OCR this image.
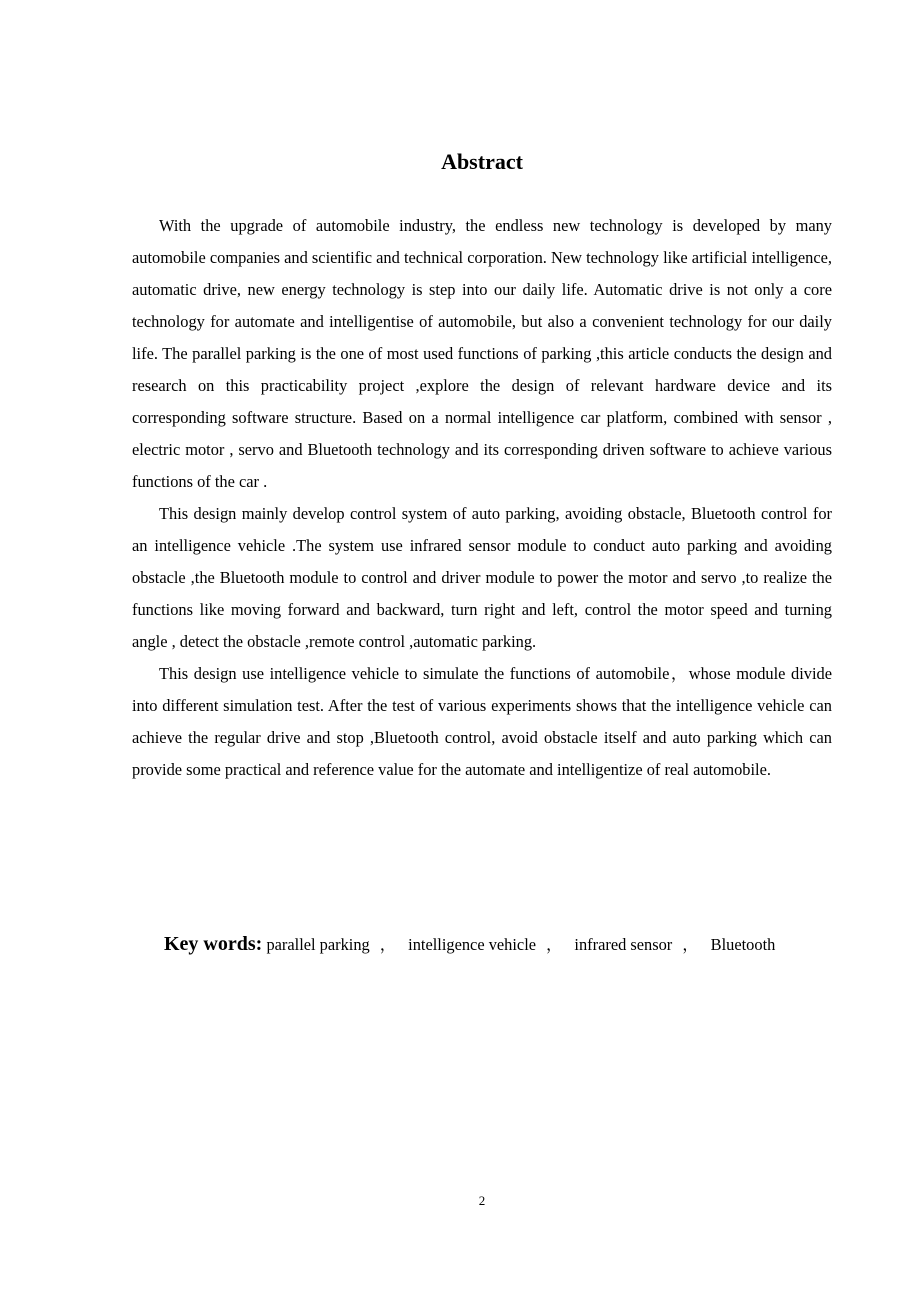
Abstract

With the upgrade of automobile industry, the endless new technology is developed by many automobile companies and scientific and technical corporation. New technology like artificial intelligence, automatic drive, new energy technology is step into our daily life. Automatic drive is not only a core technology for automate and intelligentise of automobile, but also a convenient technology for our daily life. The parallel parking is the one of most used functions of parking ,this article conducts the design and research on this practicability project ,explore the design of relevant hardware device and its corresponding software structure. Based on a normal intelligence car platform, combined with sensor , electric motor , servo and Bluetooth technology and its corresponding driven software to achieve various functions of the car .

This design mainly develop control system of auto parking, avoiding obstacle, Bluetooth control for an intelligence vehicle .The system use infrared sensor module to conduct auto parking and avoiding obstacle ,the Bluetooth module to control and driver module to power the motor and servo ,to realize the functions like moving forward and backward, turn right and left, control the motor speed and turning angle , detect the obstacle ,remote control ,automatic parking.

This design use intelligence vehicle to simulate the functions of automobile，whose module divide into different simulation test. After the test of various experiments shows that the intelligence vehicle can achieve the regular drive and stop ,Bluetooth control, avoid obstacle itself and auto parking which can provide some practical and reference value for the automate and intelligentize of real automobile.

Key words: parallel parking ， intelligence vehicle ， infrared sensor ， Bluetooth
2
